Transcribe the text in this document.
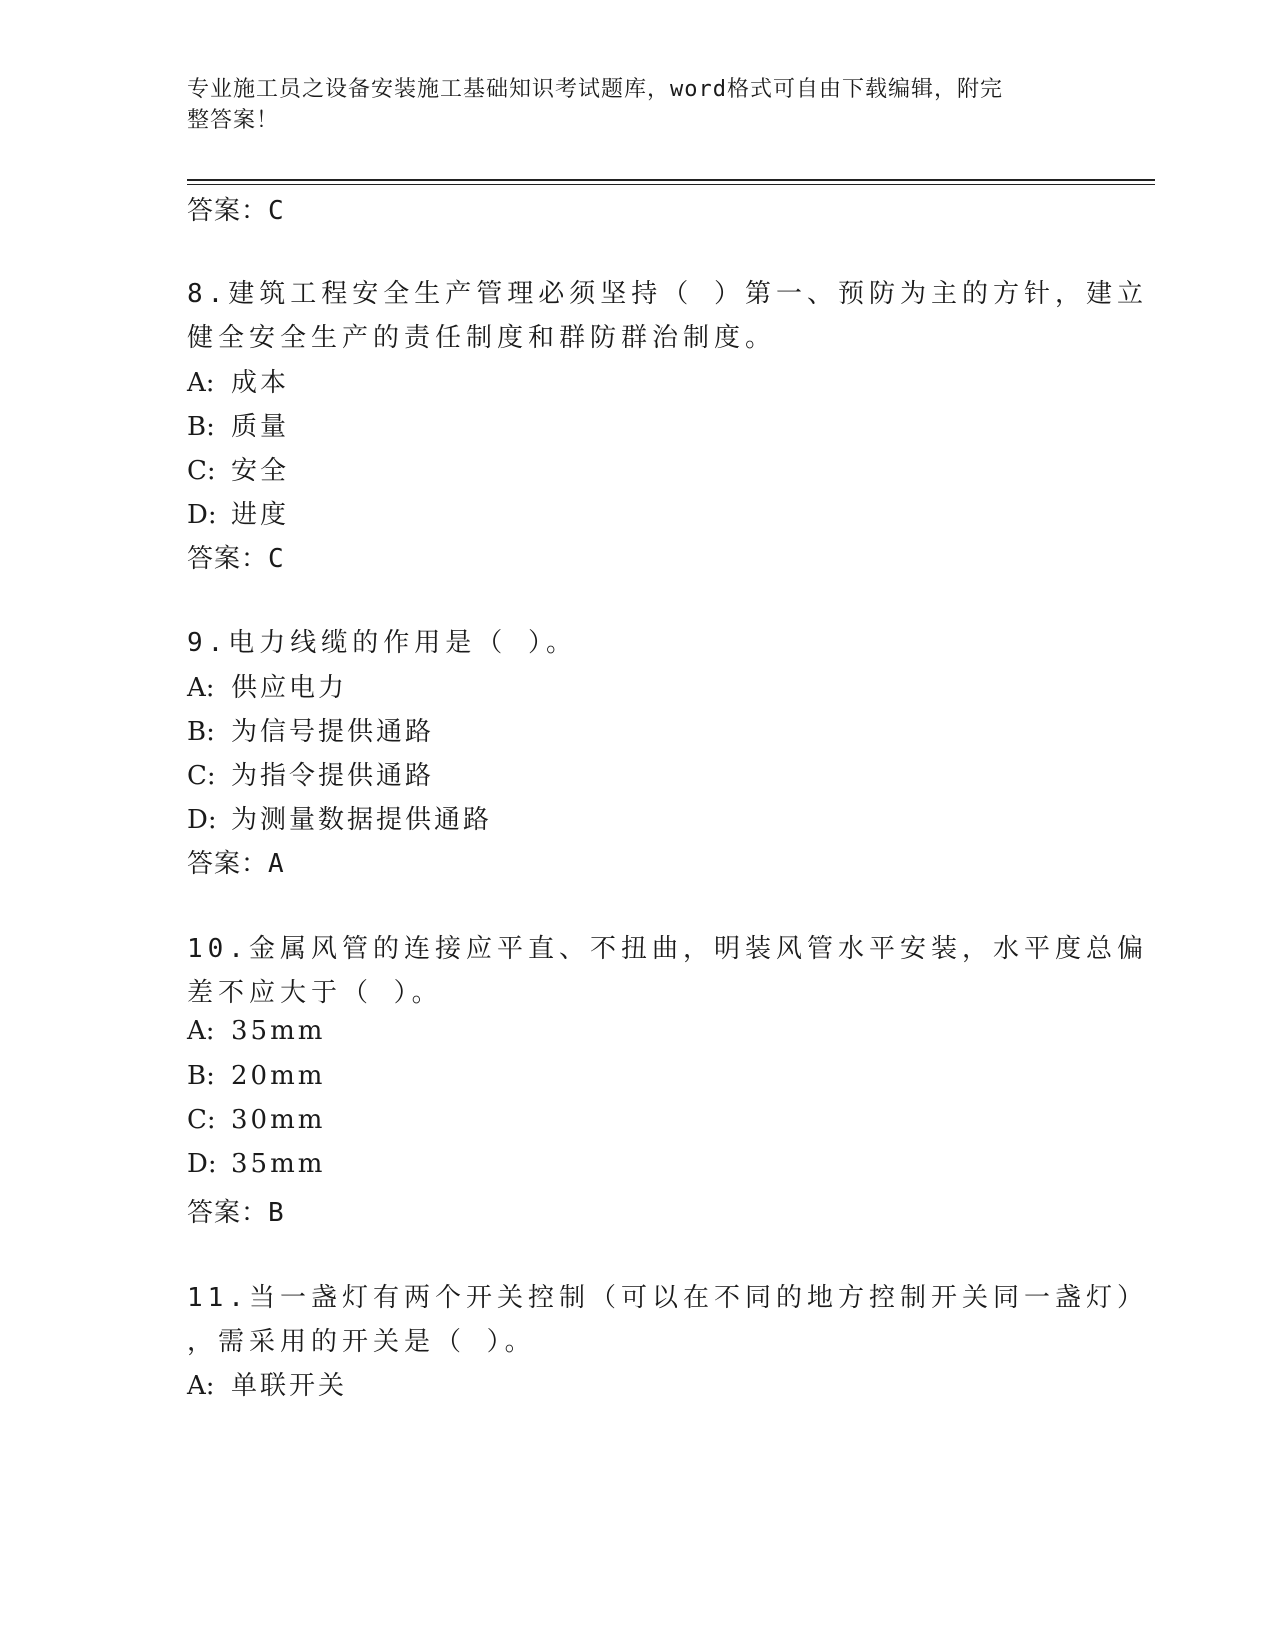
专业施工员之设备安装施工基础知识考试题库，word格式可自由下载编辑，附完
整答案！
答案：C
8.建筑工程安全生产管理必须坚持（ ）第一、预防为主的方针，建立
健全安全生产的责任制度和群防群治制度。
A: 成本
B: 质量
C: 安全
D: 进度
答案：C
9.电力线缆的作用是（ ）。
A: 供应电力
B: 为信号提供通路
C: 为指令提供通路
D: 为测量数据提供通路
答案：A
10.金属风管的连接应平直、不扭曲，明装风管水平安装，水平度总偏
差不应大于（ ）。
A: 35mm
B: 20mm
C: 30mm
D: 35mm
答案：B
11.当一盏灯有两个开关控制（可以在不同的地方控制开关同一盏灯）
，需采用的开关是（ ）。
A: 单联开关
